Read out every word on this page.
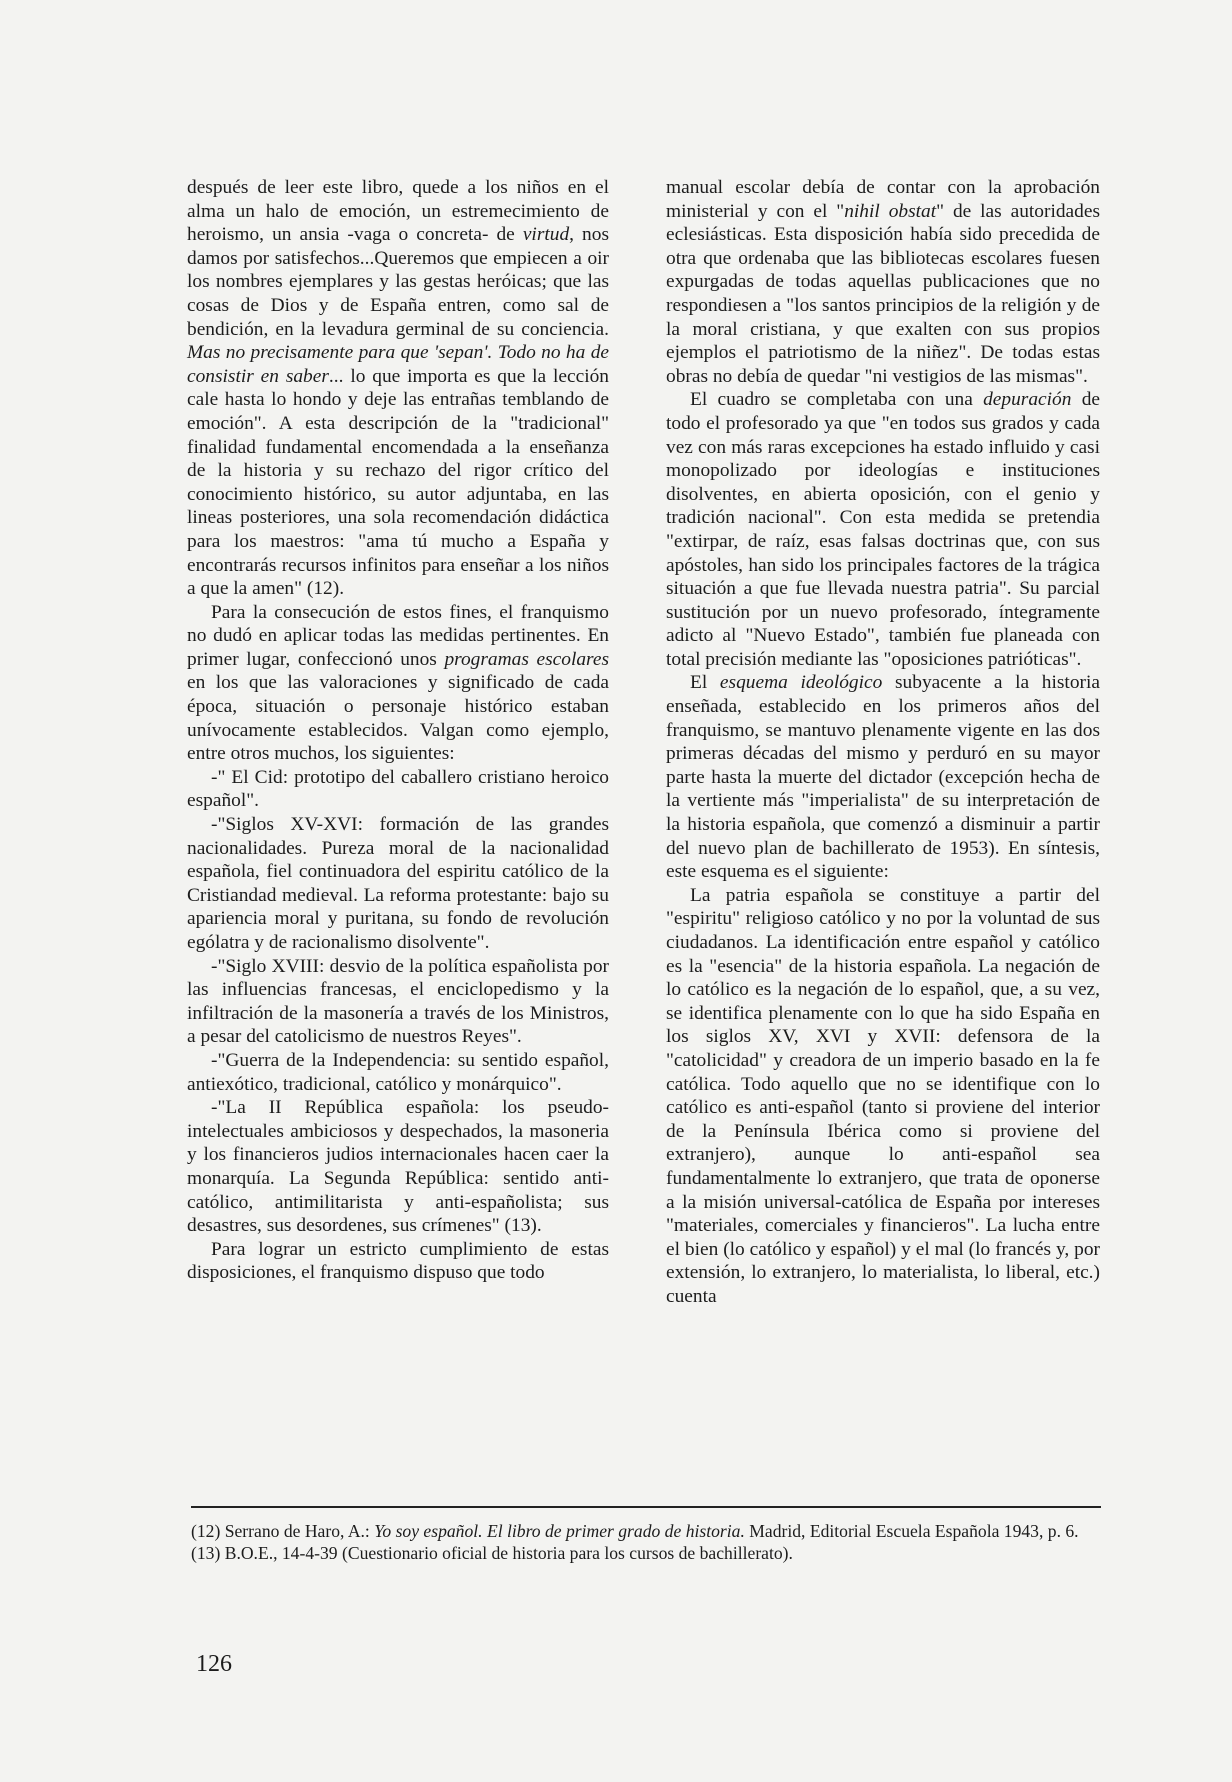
después de leer este libro, quede a los niños en el alma un halo de emoción, un estremecimiento de heroismo, un ansia -vaga o concreta- de virtud, nos damos por satisfechos...Queremos que empiecen a oir los nombres ejemplares y las gestas heróicas; que las cosas de Dios y de España entren, como sal de bendición, en la levadura germinal de su conciencia. Mas no precisamente para que 'sepan'. Todo no ha de consistir en saber... lo que importa es que la lección cale hasta lo hondo y deje las entrañas temblando de emoción". A esta descripción de la "tradicional" finalidad fundamental encomendada a la enseñanza de la historia y su rechazo del rigor crítico del conocimiento histórico, su autor adjuntaba, en las lineas posteriores, una sola recomendación didáctica para los maestros: "ama tú mucho a España y encontrarás recursos infinitos para enseñar a los niños a que la amen" (12).

Para la consecución de estos fines, el franquismo no dudó en aplicar todas las medidas pertinentes. En primer lugar, confeccionó unos programas escolares en los que las valoraciones y significado de cada época, situación o personaje histórico estaban unívocamente establecidos. Valgan como ejemplo, entre otros muchos, los siguientes:

-" El Cid: prototipo del caballero cristiano heroico español".

-"Siglos XV-XVI: formación de las grandes nacionalidades. Pureza moral de la nacionalidad española, fiel continuadora del espiritu católico de la Cristiandad medieval. La reforma protestante: bajo su apariencia moral y puritana, su fondo de revolución ególatra y de racionalismo disolvente".

-"Siglo XVIII: desvio de la política españolista por las influencias francesas, el enciclopedismo y la infiltración de la masonería a través de los Ministros, a pesar del catolicismo de nuestros Reyes".

-"Guerra de la Independencia: su sentido español, antiexótico, tradicional, católico y monárquico".

-"La II República española: los pseudo-intelectuales ambiciosos y despechados, la masoneria y los financieros judios internacionales hacen caer la monarquía. La Segunda República: sentido anti-católico, antimilitarista y anti-españolista; sus desastres, sus desordenes, sus crímenes" (13).

Para lograr un estricto cumplimiento de estas disposiciones, el franquismo dispuso que todo

manual escolar debía de contar con la aprobación ministerial y con el "nihil obstat" de las autoridades eclesiásticas. Esta disposición había sido precedida de otra que ordenaba que las bibliotecas escolares fuesen expurgadas de todas aquellas publicaciones que no respondiesen a "los santos principios de la religión y de la moral cristiana, y que exalten con sus propios ejemplos el patriotismo de la niñez". De todas estas obras no debía de quedar "ni vestigios de las mismas".

El cuadro se completaba con una depuración de todo el profesorado ya que "en todos sus grados y cada vez con más raras excepciones ha estado influido y casi monopolizado por ideologías e instituciones disolventes, en abierta oposición, con el genio y tradición nacional". Con esta medida se pretendia "extirpar, de raíz, esas falsas doctrinas que, con sus apóstoles, han sido los principales factores de la trágica situación a que fue llevada nuestra patria". Su parcial sustitución por un nuevo profesorado, íntegramente adicto al "Nuevo Estado", también fue planeada con total precisión mediante las "oposiciones patrióticas".

El esquema ideológico subyacente a la historia enseñada, establecido en los primeros años del franquismo, se mantuvo plenamente vigente en las dos primeras décadas del mismo y perduró en su mayor parte hasta la muerte del dictador (excepción hecha de la vertiente más "imperialista" de su interpretación de la historia española, que comenzó a disminuir a partir del nuevo plan de bachillerato de 1953). En síntesis, este esquema es el siguiente:

La patria española se constituye a partir del "espiritu" religioso católico y no por la voluntad de sus ciudadanos. La identificación entre español y católico es la "esencia" de la historia española. La negación de lo católico es la negación de lo español, que, a su vez, se identifica plenamente con lo que ha sido España en los siglos XV, XVI y XVII: defensora de la "catolicidad" y creadora de un imperio basado en la fe católica. Todo aquello que no se identifique con lo católico es anti-español (tanto si proviene del interior de la Península Ibérica como si proviene del extranjero), aunque lo anti-español sea fundamentalmente lo extranjero, que trata de oponerse a la misión universal-católica de España por intereses "materiales, comerciales y financieros". La lucha entre el bien (lo católico y español) y el mal (lo francés y, por extensión, lo extranjero, lo materialista, lo liberal, etc.) cuenta

(12) Serrano de Haro, A.: Yo soy español. El libro de primer grado de historia. Madrid, Editorial Escuela Española 1943, p. 6.

(13) B.O.E., 14-4-39 (Cuestionario oficial de historia para los cursos de bachillerato).

126
